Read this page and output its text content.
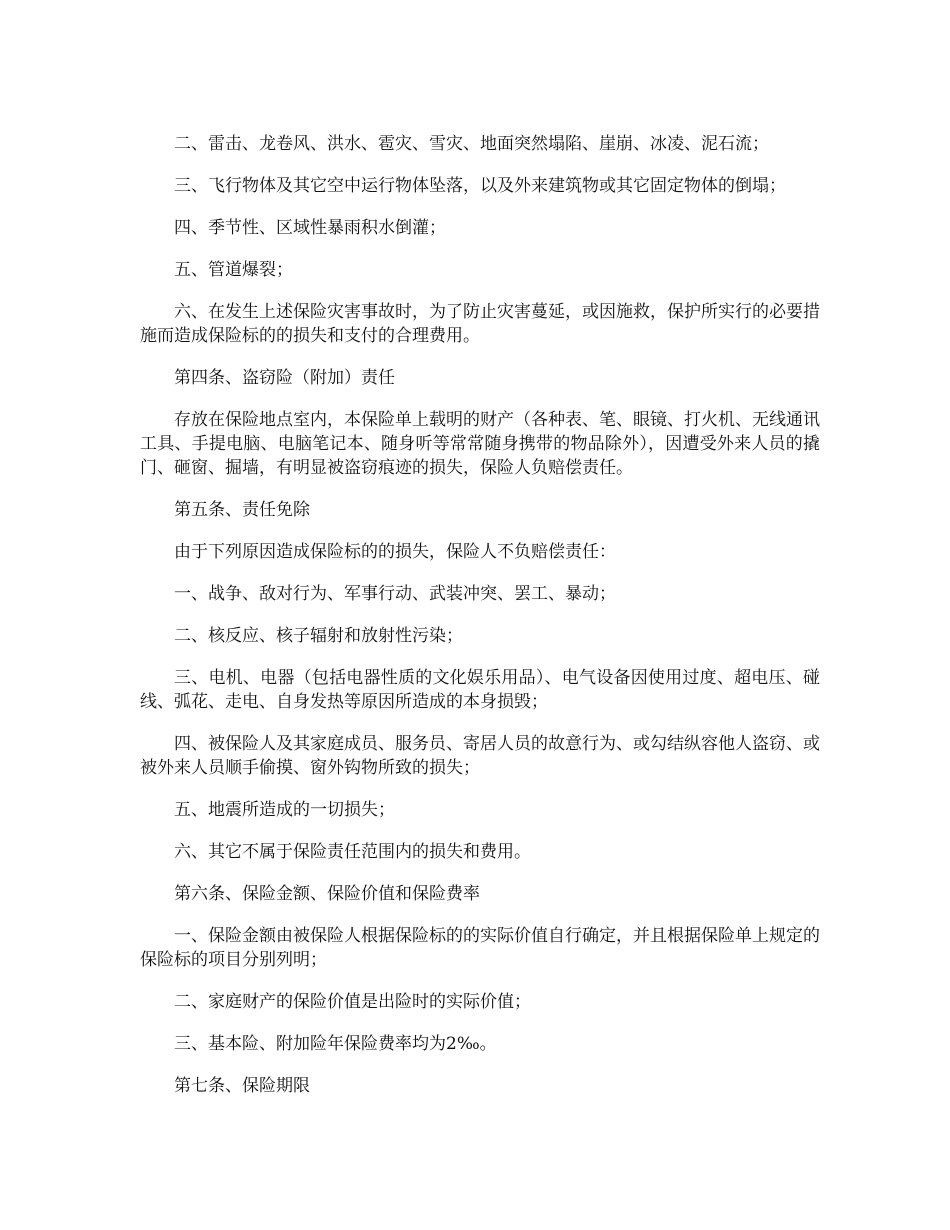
二、雷击、龙卷风、洪水、雹灾、雪灾、地面突然塌陷、崖崩、冰凌、泥石流；

三、飞行物体及其它空中运行物体坠落，以及外来建筑物或其它固定物体的倒塌；

四、季节性、区域性暴雨积水倒灌；

五、管道爆裂；

六、在发生上述保险灾害事故时，为了防止灾害蔓延，或因施救，保护所实行的必要措施而造成保险标的的损失和支付的合理费用。

第四条、盗窃险（附加）责任

存放在保险地点室内，本保险单上载明的财产（各种表、笔、眼镜、打火机、无线通讯工具、手提电脑、电脑笔记本、随身听等常常随身携带的物品除外），因遭受外来人员的撬门、砸窗、掘墙，有明显被盗窃痕迹的损失，保险人负赔偿责任。

第五条、责任免除

由于下列原因造成保险标的的损失，保险人不负赔偿责任：

一、战争、敌对行为、军事行动、武装冲突、罢工、暴动；

二、核反应、核子辐射和放射性污染；

三、电机、电器（包括电器性质的文化娱乐用品）、电气设备因使用过度、超电压、碰线、弧花、走电、自身发热等原因所造成的本身损毁；

四、被保险人及其家庭成员、服务员、寄居人员的故意行为、或勾结纵容他人盗窃、或被外来人员顺手偷摸、窗外钩物所致的损失；

五、地震所造成的一切损失；

六、其它不属于保险责任范围内的损失和费用。

第六条、保险金额、保险价值和保险费率

一、保险金额由被保险人根据保险标的的实际价值自行确定，并且根据保险单上规定的保险标的项目分别列明；

二、家庭财产的保险价值是出险时的实际价值；

三、基本险、附加险年保险费率均为2‰。

第七条、保险期限
